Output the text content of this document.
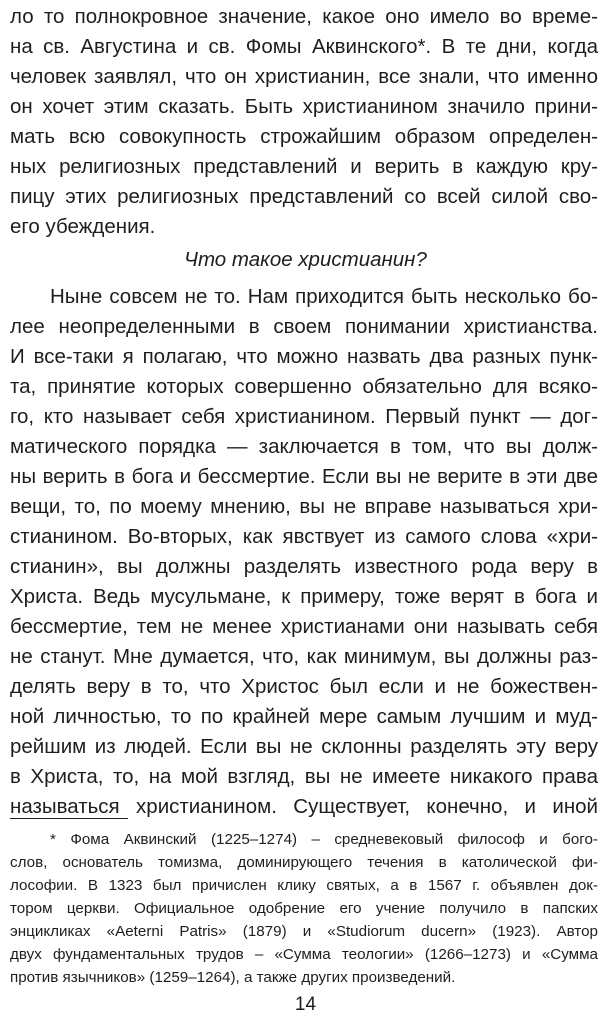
ло то полнокровное значение, какое оно имело во време-
на св. Августина и св. Фомы Аквинского*. В те дни, когда
человек заявлял, что он христианин, все знали, что именно
он хочет этим сказать. Быть христианином значило прини-
мать всю совокупность строжайшим образом определен-
ных религиозных представлений и верить в каждую кру-
пицу этих религиозных представлений со всей силой сво-
его убеждения.
Что такое христианин?
Ныне совсем не то. Нам приходится быть несколько бо-
лее неопределенными в своем понимании христианства.
И все-таки я полагаю, что можно назвать два разных пунк-
та, принятие которых совершенно обязательно для всяко-
го, кто называет себя христианином. Первый пункт — дог-
матического порядка — заключается в том, что вы долж-
ны верить в бога и бессмертие. Если вы не верите в эти две
вещи, то, по моему мнению, вы не вправе называться хри-
стианином. Во-вторых, как явствует из самого слова «хри-
стианин», вы должны разделять известного рода веру в
Христа. Ведь мусульмане, к примеру, тоже верят в бога и
бессмертие, тем не менее христианами они называть себя
не станут. Мне думается, что, как минимум, вы должны раз-
делять веру в то, что Христос был если и не божествен-
ной личностью, то по крайней мере самым лучшим и муд-
рейшим из людей. Если вы не склонны разделять эту веру
в Христа, то, на мой взгляд, вы не имеете никакого права
называться христианином. Существует, конечно, и иной
* Фома Аквинский (1225–1274) – средневековый философ и бого-
слов, основатель томизма, доминирующего течения в католической фи-
лософии. В 1323 был причислен клику святых, а в 1567 г. объявлен док-
тором церкви. Официальное одобрение его учение получило в папских
энцикликах «Aeterni Patris» (1879) и «Studiorum ducern» (1923). Автор
двух фундаментальных трудов – «Сумма теологии» (1266–1273) и «Сумма
против язычников» (1259–1264), а также других произведений.
14
